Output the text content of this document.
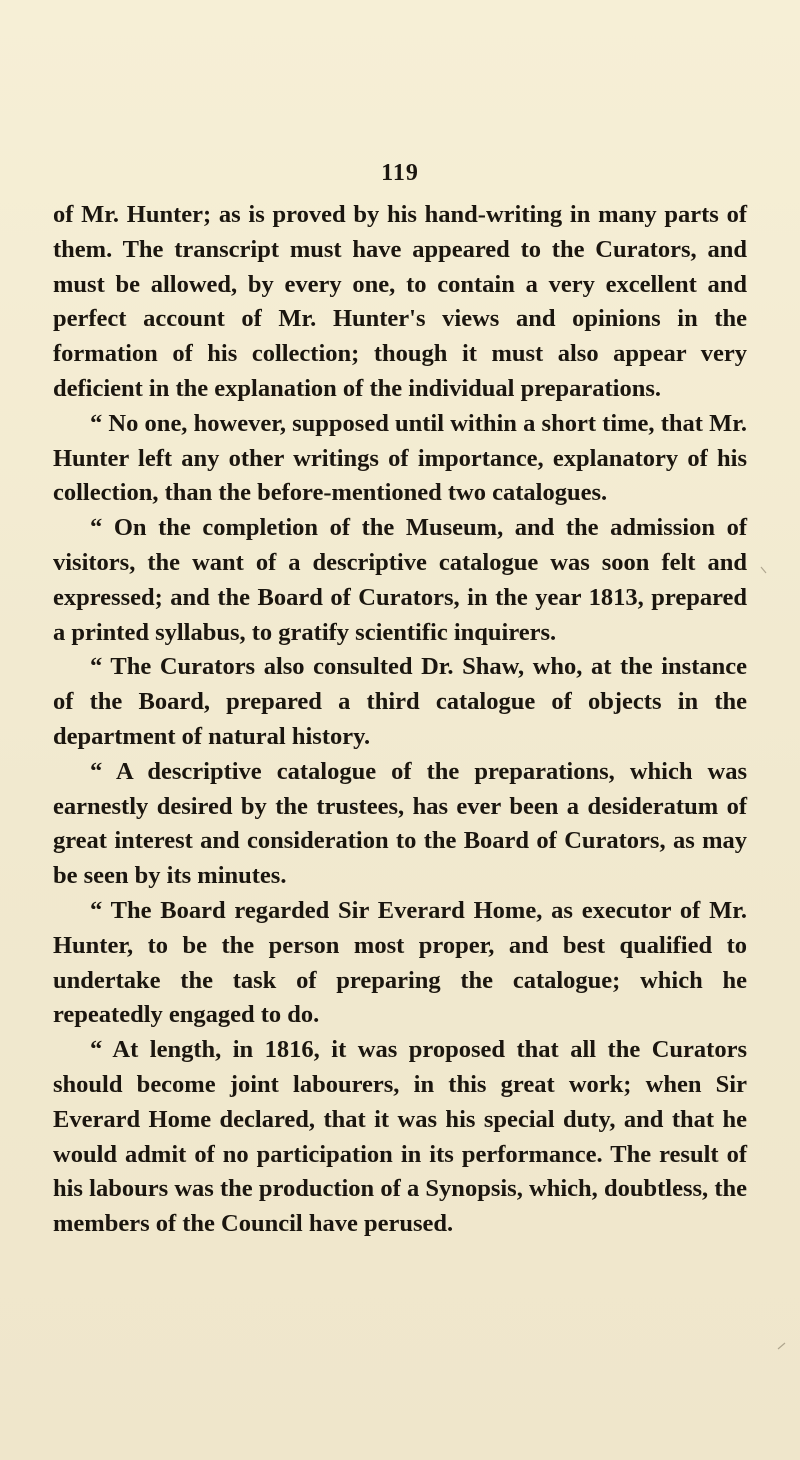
119

of Mr. Hunter; as is proved by his hand-writing in many parts of them. The transcript must have appeared to the Curators, and must be allowed, by every one, to contain a very excellent and perfect account of Mr. Hunter's views and opinions in the formation of his collection; though it must also appear very deficient in the explanation of the individual preparations.

“ No one, however, supposed until within a short time, that Mr. Hunter left any other writings of importance, explanatory of his collection, than the before-mentioned two catalogues.

“ On the completion of the Museum, and the admission of visitors, the want of a descriptive catalogue was soon felt and expressed; and the Board of Curators, in the year 1813, prepared a printed syllabus, to gratify scientific inquirers.

“ The Curators also consulted Dr. Shaw, who, at the instance of the Board, prepared a third catalogue of objects in the department of natural history.

“ A descriptive catalogue of the preparations, which was earnestly desired by the trustees, has ever been a desideratum of great interest and consideration to the Board of Curators, as may be seen by its minutes.

“ The Board regarded Sir Everard Home, as executor of Mr. Hunter, to be the person most proper, and best qualified to undertake the task of preparing the catalogue; which he repeatedly engaged to do.

“ At length, in 1816, it was proposed that all the Curators should become joint labourers, in this great work; when Sir Everard Home declared, that it was his special duty, and that he would admit of no participation in its performance. The result of his labours was the production of a Synopsis, which, doubtless, the members of the Council have perused.
